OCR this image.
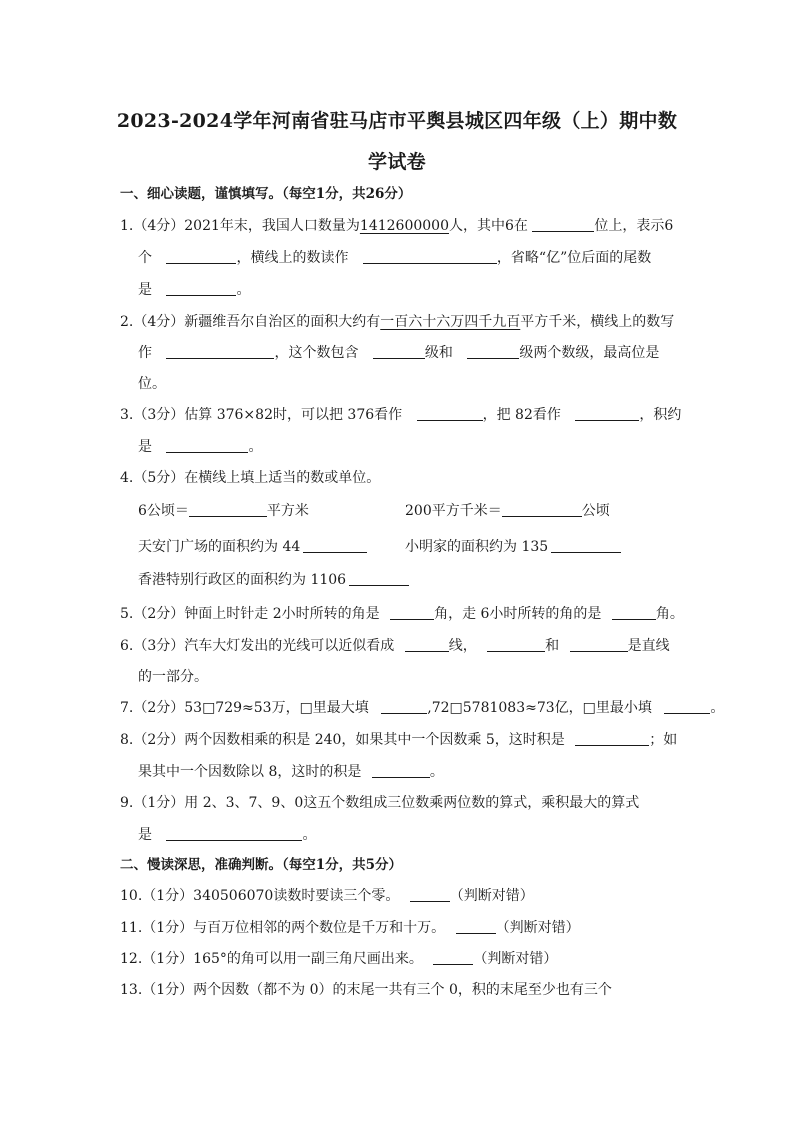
2023-2024学年河南省驻马店市平舆县城区四年级（上）期中数
学试卷
一、细心读题，谨慎填写。（每空1分，共26分）
1.（4分）2021年末，我国人口数量为1412600000人，其中6在	位上，表示6
个	，横线上的数读作	，省略“亿”位后面的尾数
是	。
2.（4分）新疆维吾尔自治区的面积大约有一百六十六万四千九百平方千米，横线上的数写
作	，这个数包含	级和	级两个数级，最高位是
位。
3.（3分）估算 376×82时，可以把 376看作	，把 82看作	，积约
是	。
4.（5分）在横线上填上适当的数或单位。
6公顷＝	平方米	200平方千米＝	公顷
天安门广场的面积约为 44	小明家的面积约为 135
香港特别行政区的面积约为 1106
5.（2分）钟面上时针走 2小时所转的角是	角，走 6小时所转的角的是	角。
6.（3分）汽车大灯发出的光线可以近似看成	线，	和	是直线
的一部分。
7.（2分）53□729≈53万，□里最大填	,72□5781083≈73亿，□里最小填	。
8.（2分）两个因数相乘的积是 240，如果其中一个因数乘 5，这时积是	；如
果其中一个因数除以 8，这时的积是	。
9.（1分）用 2、3、7、9、0这五个数组成三位数乘两位数的算式，乘积最大的算式
是	。
二、慢读深思，准确判断。（每空1分，共5分）
10.（1分）340506070读数时要读三个零。	（判断对错）
11.（1分）与百万位相邻的两个数位是千万和十万。	（判断对错）
12.（1分）165°的角可以用一副三角尺画出来。	（判断对错）
13.（1分）两个因数（都不为 0）的末尾一共有三个 0，积的末尾至少也有三个
